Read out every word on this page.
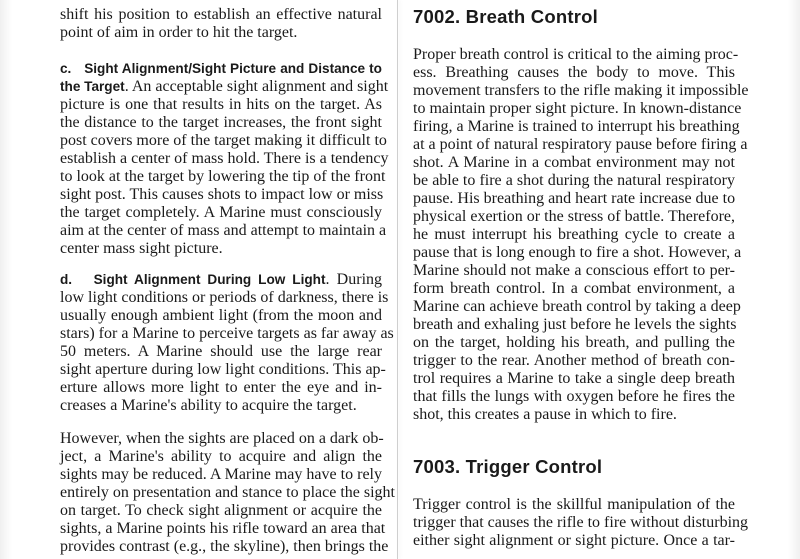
shift his position to establish an effective natural
point of aim in order to hit the target.
c. Sight Alignment/Sight Picture and Distance to
the Target. An acceptable sight alignment and sight
picture is one that results in hits on the target. As
the distance to the target increases, the front sight
post covers more of the target making it difficult to
establish a center of mass hold. There is a tendency
to look at the target by lowering the tip of the front
sight post. This causes shots to impact low or miss
the target completely. A Marine must consciously
aim at the center of mass and attempt to maintain a
center mass sight picture.
d. Sight Alignment During Low Light. During
low light conditions or periods of darkness, there is
usually enough ambient light (from the moon and
stars) for a Marine to perceive targets as far away as
50 meters. A Marine should use the large rear
sight aperture during low light conditions. This ap-
erture allows more light to enter the eye and in-
creases a Marine's ability to acquire the target.
However, when the sights are placed on a dark ob-
ject, a Marine's ability to acquire and align the
sights may be reduced. A Marine may have to rely
entirely on presentation and stance to place the sight
on target. To check sight alignment or acquire the
sights, a Marine points his rifle toward an area that
provides contrast (e.g., the skyline), then brings the
7002. Breath Control
Proper breath control is critical to the aiming proc-
ess. Breathing causes the body to move. This
movement transfers to the rifle making it impossible
to maintain proper sight picture. In known-distance
firing, a Marine is trained to interrupt his breathing
at a point of natural respiratory pause before firing a
shot. A Marine in a combat environment may not
be able to fire a shot during the natural respiratory
pause. His breathing and heart rate increase due to
physical exertion or the stress of battle. Therefore,
he must interrupt his breathing cycle to create a
pause that is long enough to fire a shot. However, a
Marine should not make a conscious effort to per-
form breath control. In a combat environment, a
Marine can achieve breath control by taking a deep
breath and exhaling just before he levels the sights
on the target, holding his breath, and pulling the
trigger to the rear. Another method of breath con-
trol requires a Marine to take a single deep breath
that fills the lungs with oxygen before he fires the
shot, this creates a pause in which to fire.
7003. Trigger Control
Trigger control is the skillful manipulation of the
trigger that causes the rifle to fire without disturbing
either sight alignment or sight picture. Once a tar-
